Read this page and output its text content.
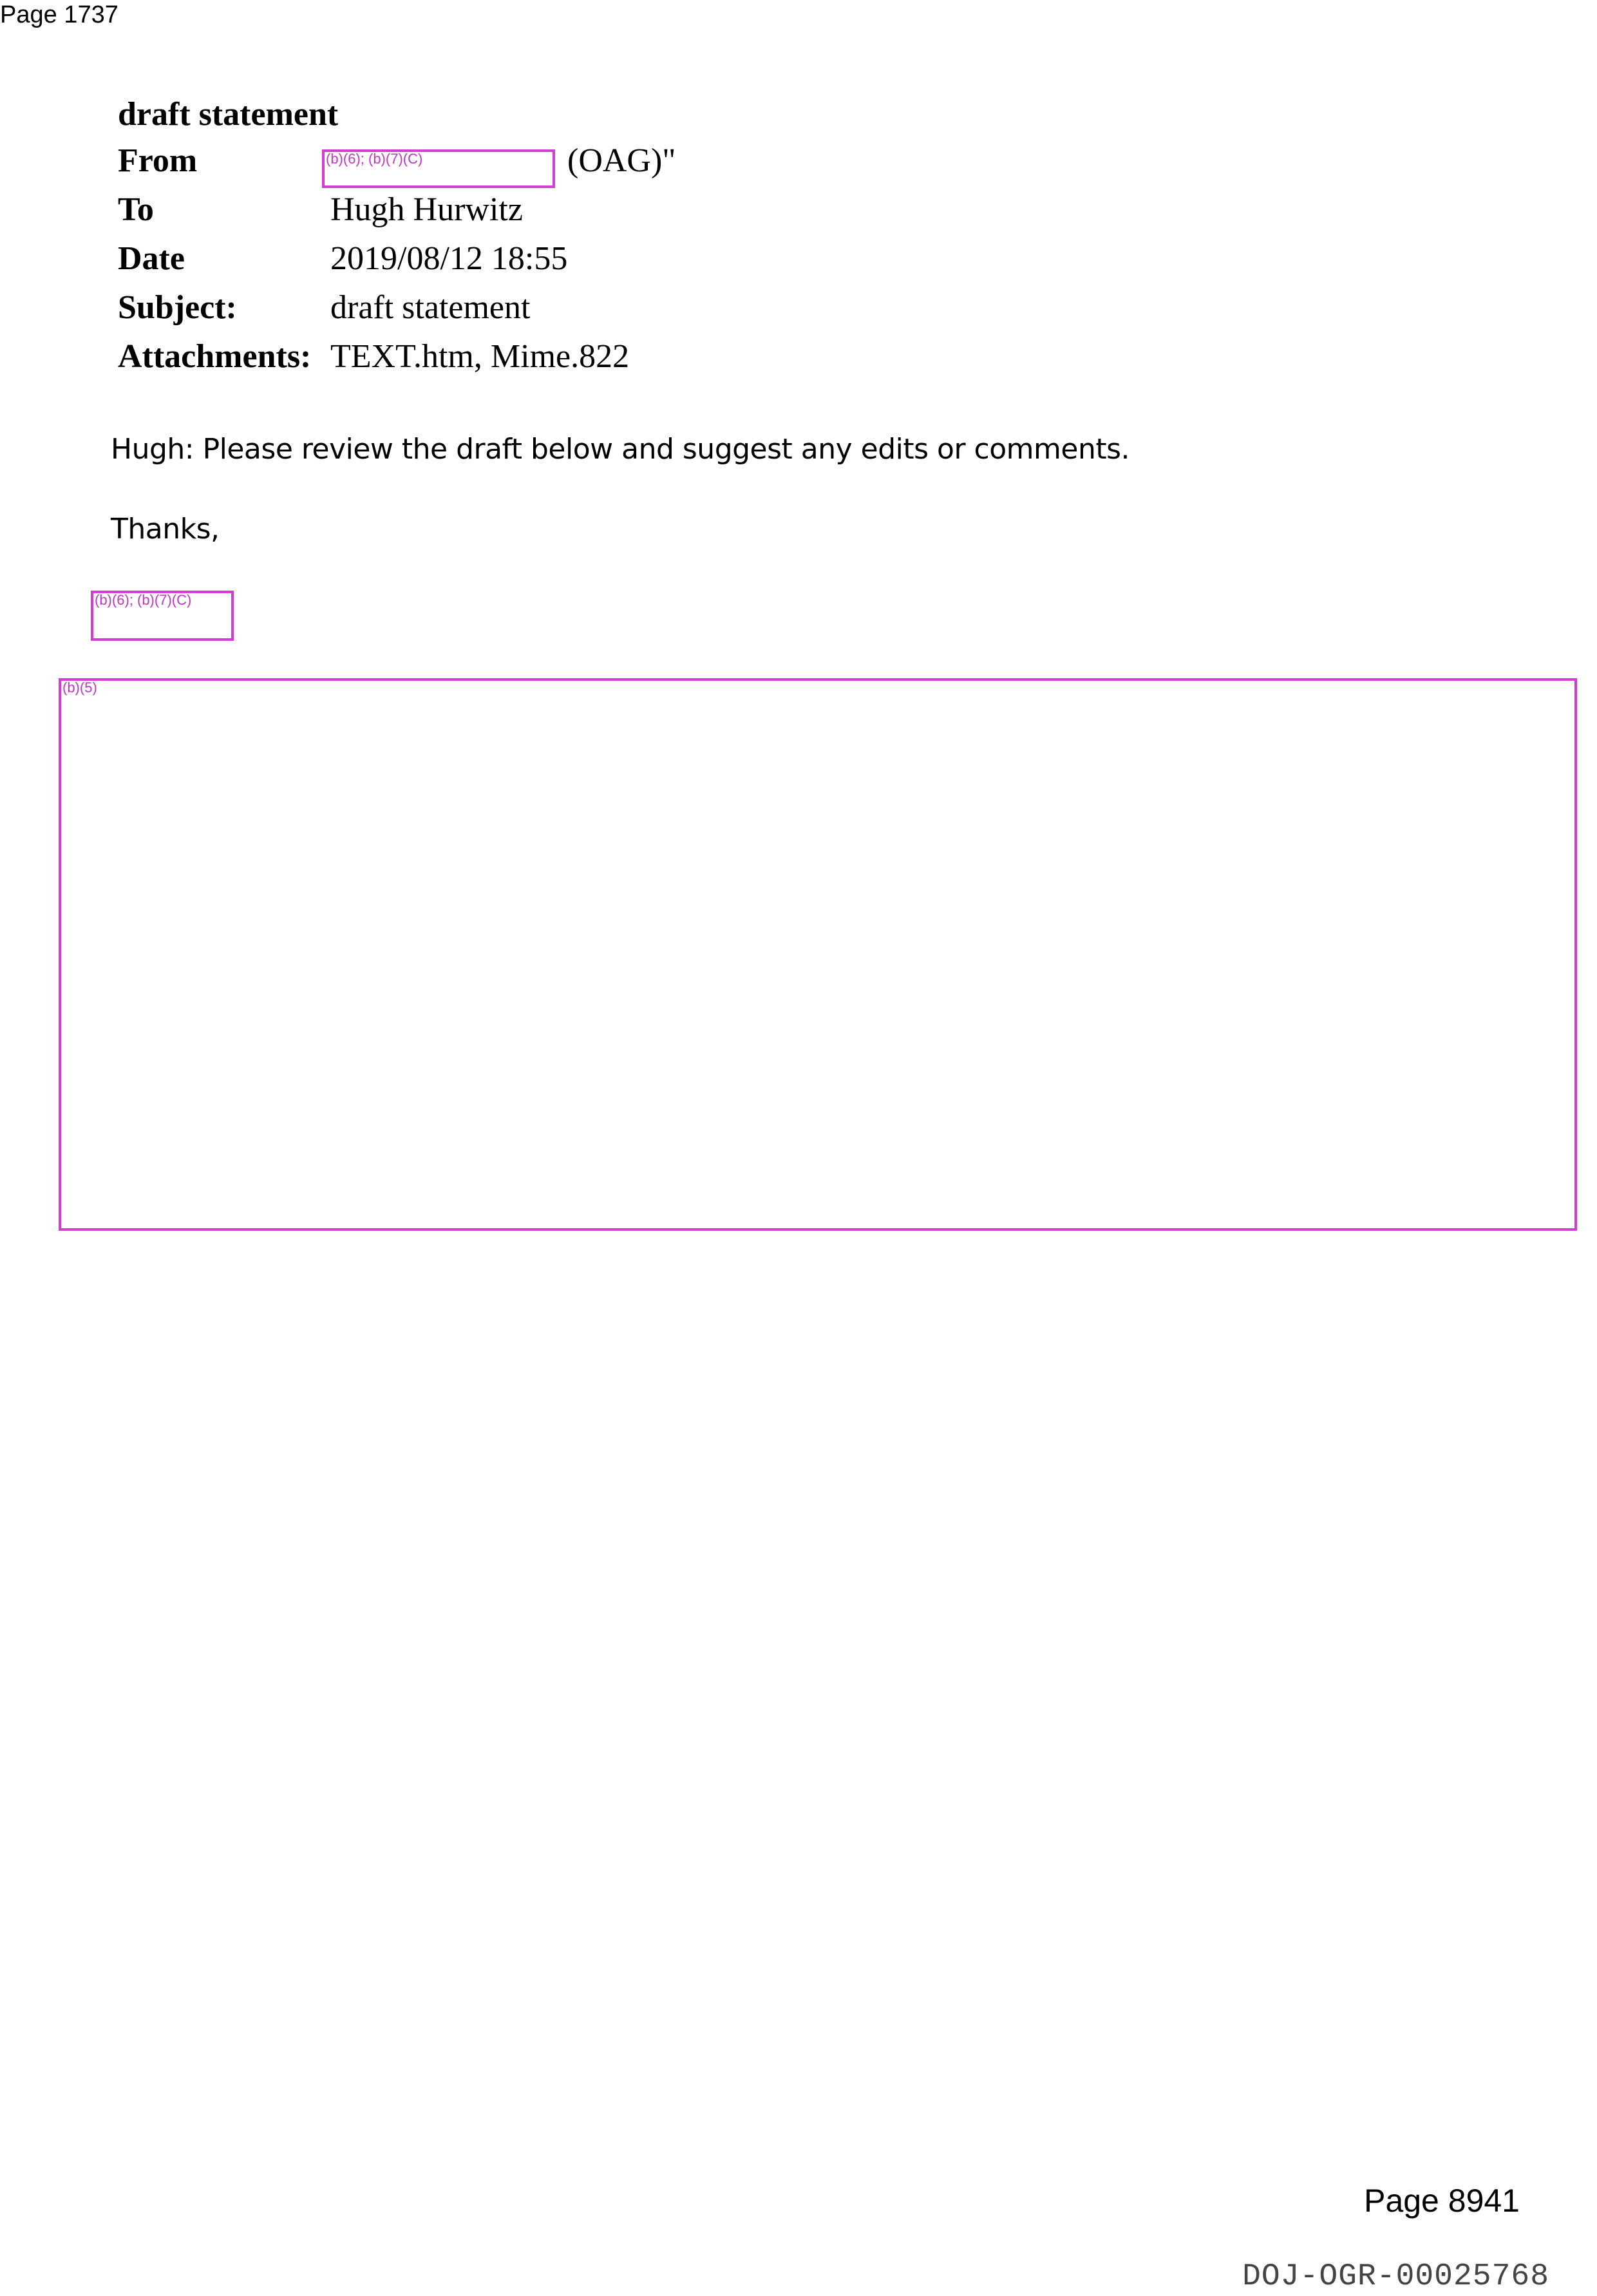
Page 1737
draft statement
From	(OAG)"
To	Hugh Hurwitz
Date	2019/08/12 18:55
Subject:	draft statement
Attachments: TEXT.htm, Mime.822
(b)(6); (b)(7)(C)
Hugh: Please review the draft below and suggest any edits or comments.
Thanks,
(b)(6); (b)(7)(C)
(b)(5)
Page 8941
DOJ-OGR-00025768
